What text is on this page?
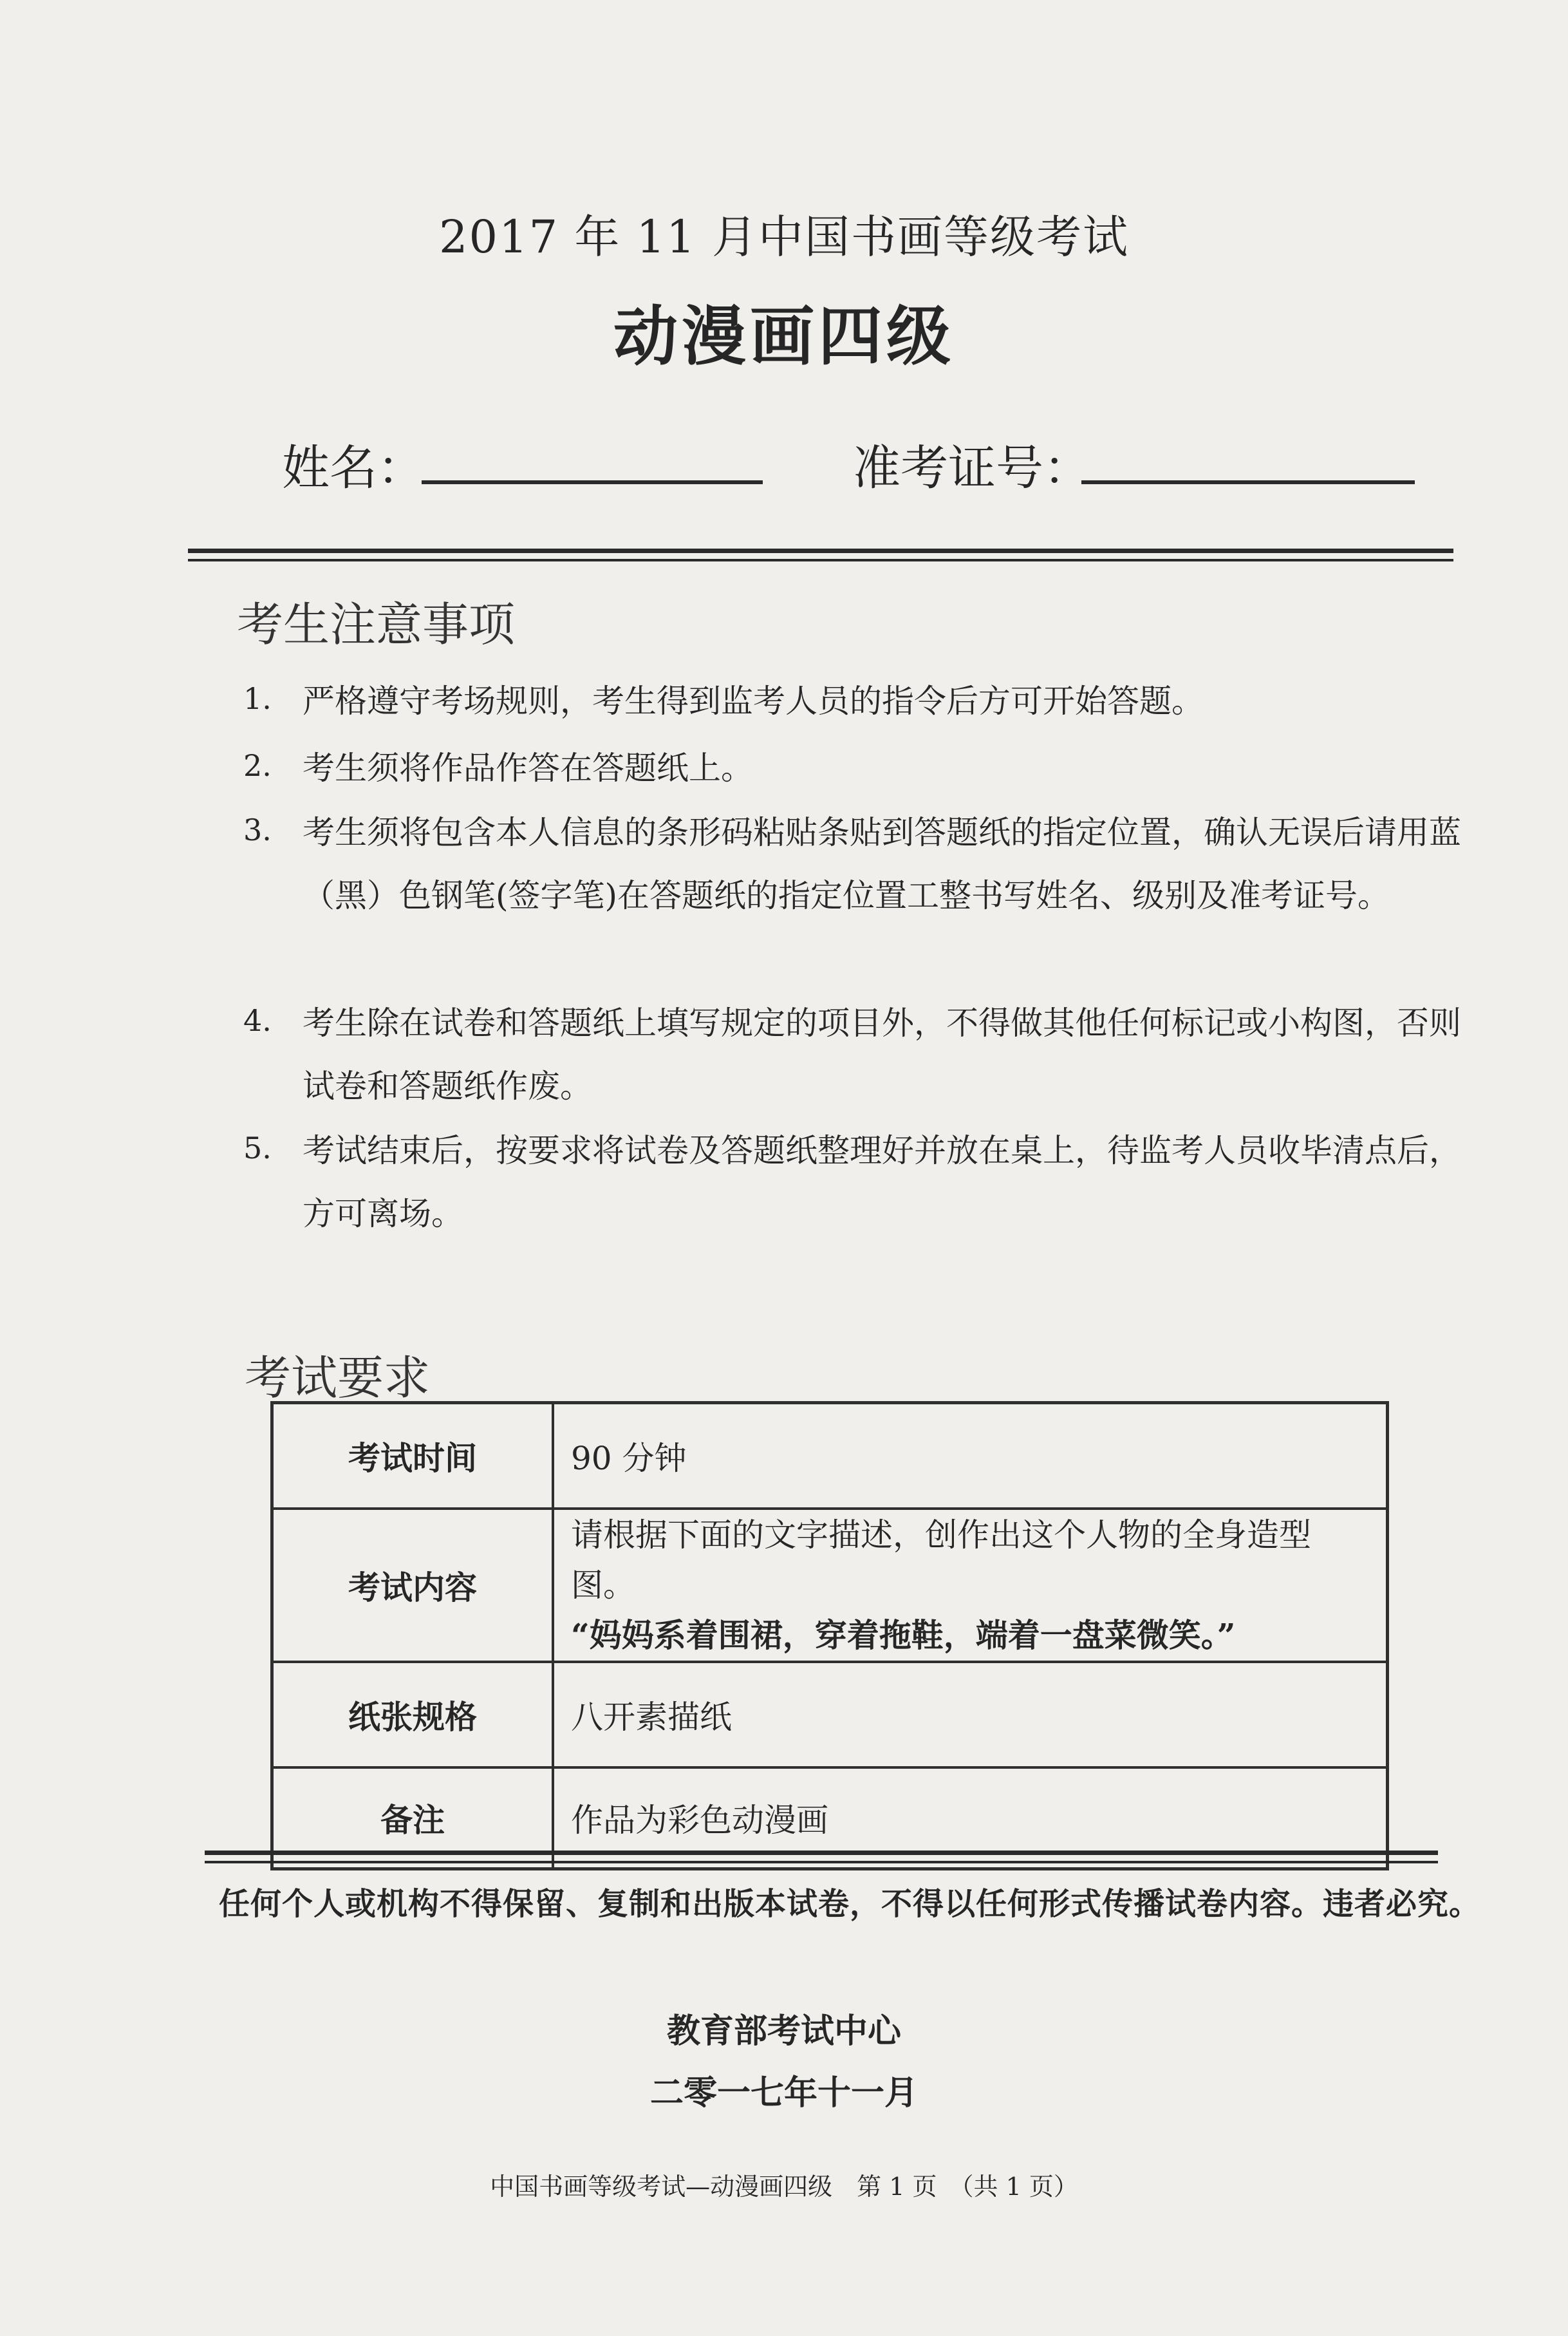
2017 年 11 月中国书画等级考试
动漫画四级
姓名：	准考证号：
考生注意事项
1. 严格遵守考场规则，考生得到监考人员的指令后方可开始答题。
2. 考生须将作品作答在答题纸上。
3. 考生须将包含本人信息的条形码粘贴条贴到答题纸的指定位置，确认无误后请用蓝（黑）色钢笔(签字笔)在答题纸的指定位置工整书写姓名、级别及准考证号。
4. 考生除在试卷和答题纸上填写规定的项目外，不得做其他任何标记或小构图，否则试卷和答题纸作废。
5. 考试结束后，按要求将试卷及答题纸整理好并放在桌上，待监考人员收毕清点后，方可离场。
考试要求
考试时间	90 分钟
考试内容	请根据下面的文字描述，创作出这个人物的全身造型图。
“妈妈系着围裙，穿着拖鞋，端着一盘菜微笑。”

纸张规格	八开素描纸
备注	作品为彩色动漫画
任何个人或机构不得保留、复制和出版本试卷，不得以任何形式传播试卷内容。违者必究。
教育部考试中心
二零一七年十一月
中国书画等级考试—动漫画四级　第 1 页　（共 1 页）
